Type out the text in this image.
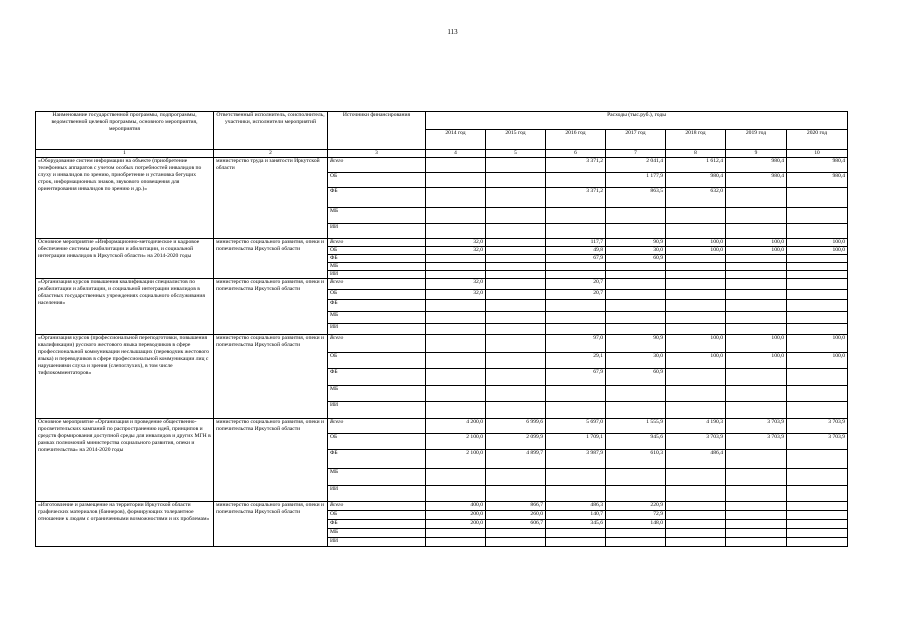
113
Наименование государственной программы, подпрограммы, ведомственной целевой программы, основного мероприятия, мероприятия	Ответственный исполнитель, соисполнитель, участники, исполнители мероприятий	Источники финансирования	Расходы (тыс.руб.), годы						
			2014 год	2015 год	2016 год	2017 год	2018 год	2019 год	2020 год
1	2	3	4	5	6	7	8	9	10
«Оборудование систем информации на объекте (приобретение телефонных аппаратов с учетом особых потребностей инвалидов по слуху и инвалидов по зрению, приобретение и установка бегущих строк, информационных знаков, звукового оповещения для ориентирования инвалидов по зрению и др.)»	министерство труда и занятости Иркутской области	Всего			3 371,2	2 041,4	1 612,4	980,4	980,4
		ОБ				1 177,9	980,4	980,4	980,4
		ФБ			3 371,2	863,5	632,0		
		МБ							
		ИИ							
Основное мероприятие «Информационно-методическое и кадровое обеспечение системы реабилитации и абилитации, и социальной интеграции инвалидов в Иркутской области» на 2014-2020 годы	министерство социального развития, опеки и попечительства Иркутской области	Всего	32,0		117,7	90,9	100,0	100,0	100,0
		ОБ	32,0		49,8	30,0	100,0	100,0	100,0
		ФБ			67,9	60,9			
		МБ							
		ИИ							
«Организация курсов повышения квалификации специалистов по реабилитации и абилитации, и социальной интеграции инвалидов в областных государственных учреждениях социального обслуживания населения»	министерство социального развития, опеки и попечительства Иркутской области	Всего	32,0		20,7				
		ОБ	32,0		20,7				
		ФБ							
		МБ							
		ИИ							
«Организация курсов (профессиональной переподготовки, повышения квалификации) русского жестового языка переводчиков в сфере профессиональной коммуникации неслышащих (переводчик жестового языка) и переводчиков в сфере профессиональной коммуникации лиц с нарушениями слуха и зрения (слепоглухих), в том числе тифлокомментаторов»	министерство социального развития, опеки и попечительства Иркутской области	Всего			97,0	90,9	100,0	100,0	100,0
		ОБ			29,1	30,0	100,0	100,0	100,0
		ФБ			67,9	60,9			
		МБ							
		ИИ							
Основное мероприятие «Организация и проведение общественно-просветительских кампаний по распространению идей, принципов и средств формирования доступной среды для инвалидов и других МГН в рамках полномочий министерства социального развития, опеки и попечительства» на 2014-2020 годы	министерство социального развития, опеки и попечительства Иркутской области	Всего	4 200,0	6 999,6	5 697,0	1 555,9	4 190,3	3 703,9	3 703,9
		ОБ	2 100,0	2 099,9	1 709,1	945,6	3 703,9	3 703,9	3 703,9
		ФБ	2 100,0	4 899,7	3 987,9	610,3	486,4		
		МБ							
		ИИ							
«Изготовление и размещение на территории Иркутской области графических материалов (баннеров), формирующих толерантное отношение к людям с ограниченными возможностями и их проблемам»	министерство социального развития, опеки и попечительства Иркутской области	Всего	400,0	866,7	486,3	220,9			
		ОБ	200,0	260,0	140,7	72,9			
		ФБ	200,0	606,7	345,6	148,0			
		МБ							
		ИИ							
